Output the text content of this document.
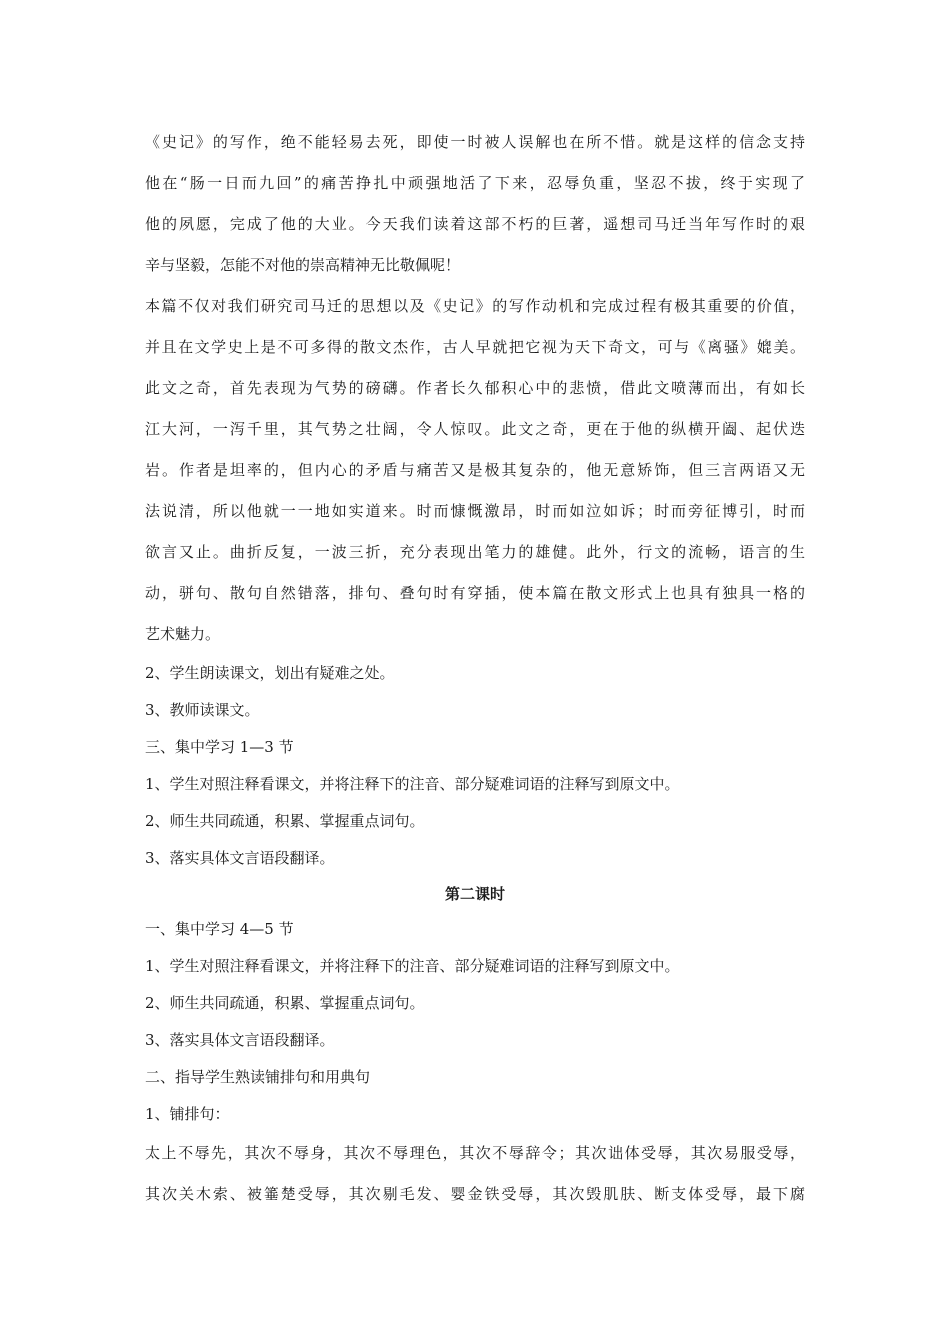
《史记》的写作，绝不能轻易去死，即使一时被人误解也在所不惜。就是这样的信念支持

他在“肠一日而九回”的痛苦挣扎中顽强地活了下来，忍辱负重，坚忍不拔，终于实现了

他的夙愿，完成了他的大业。今天我们读着这部不朽的巨著，遥想司马迁当年写作时的艰

辛与坚毅，怎能不对他的崇高精神无比敬佩呢！

本篇不仅对我们研究司马迁的思想以及《史记》的写作动机和完成过程有极其重要的价值，

并且在文学史上是不可多得的散文杰作，古人早就把它视为天下奇文，可与《离骚》媲美。

此文之奇，首先表现为气势的磅礴。作者长久郁积心中的悲愤，借此文喷薄而出，有如长

江大河，一泻千里，其气势之壮阔，令人惊叹。此文之奇，更在于他的纵横开阖、起伏迭

岩。作者是坦率的，但内心的矛盾与痛苦又是极其复杂的，他无意矫饰，但三言两语又无

法说清，所以他就一一地如实道来。时而慷慨激昂，时而如泣如诉；时而旁征博引，时而

欲言又止。曲折反复，一波三折，充分表现出笔力的雄健。此外，行文的流畅，语言的生

动，骈句、散句自然错落，排句、叠句时有穿插，使本篇在散文形式上也具有独具一格的

艺术魅力。

2、学生朗读课文，划出有疑难之处。

3、教师读课文。

三、集中学习 1—3 节

1、学生对照注释看课文，并将注释下的注音、部分疑难词语的注释写到原文中。

2、师生共同疏通，积累、掌握重点词句。

3、落实具体文言语段翻译。

第二课时

一、集中学习 4—5 节

1、学生对照注释看课文，并将注释下的注音、部分疑难词语的注释写到原文中。

2、师生共同疏通，积累、掌握重点词句。

3、落实具体文言语段翻译。

二、指导学生熟读铺排句和用典句

1、铺排句：

太上不辱先，其次不辱身，其次不辱理色，其次不辱辞令；其次诎体受辱，其次易服受辱，

其次关木索、被箠楚受辱，其次剔毛发、婴金铁受辱，其次毁肌肤、断支体受辱，最下腐
